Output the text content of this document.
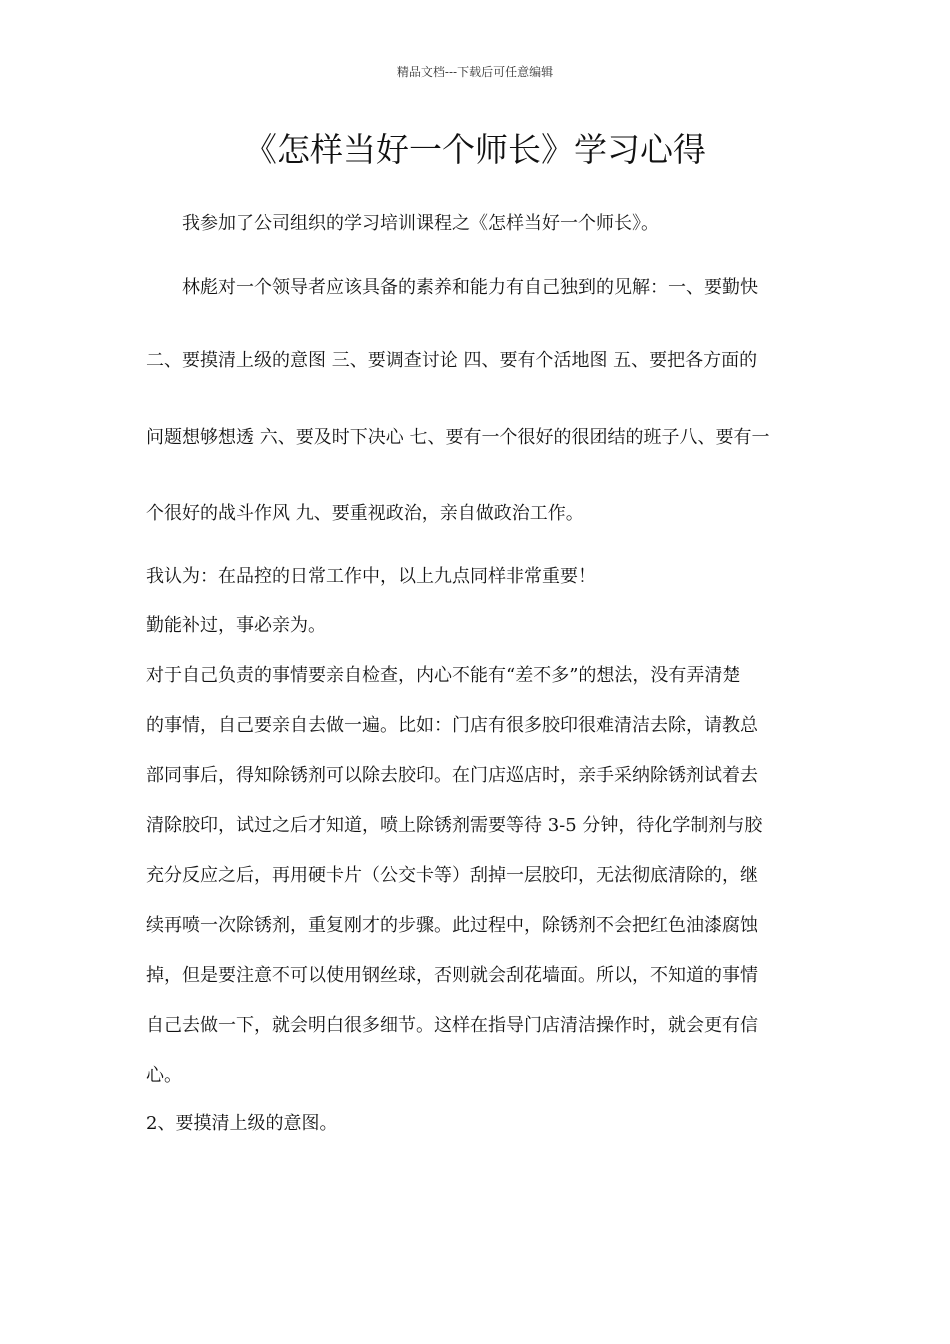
精品文档---下载后可任意编辑
《怎样当好一个师长》学习心得
我参加了公司组织的学习培训课程之《怎样当好一个师长》。
林彪对一个领导者应该具备的素养和能力有自己独到的见解：一、要勤快
二、要摸清上级的意图 三、要调查讨论 四、要有个活地图 五、要把各方面的
问题想够想透 六、要及时下决心 七、要有一个很好的很团结的班子八、要有一
个很好的战斗作风 九、要重视政治，亲自做政治工作。
我认为：在品控的日常工作中，以上九点同样非常重要！
勤能补过，事必亲为。
对于自己负责的事情要亲自检查，内心不能有“差不多”的想法，没有弄清楚
的事情，自己要亲自去做一遍。比如：门店有很多胶印很难清洁去除，请教总
部同事后，得知除锈剂可以除去胶印。在门店巡店时，亲手采纳除锈剂试着去
清除胶印，试过之后才知道，喷上除锈剂需要等待 3-5 分钟，待化学制剂与胶
充分反应之后，再用硬卡片（公交卡等）刮掉一层胶印，无法彻底清除的，继
续再喷一次除锈剂，重复刚才的步骤。此过程中，除锈剂不会把红色油漆腐蚀
掉，但是要注意不可以使用钢丝球，否则就会刮花墙面。所以，不知道的事情
自己去做一下，就会明白很多细节。这样在指导门店清洁操作时，就会更有信
心。
2、要摸清上级的意图。
